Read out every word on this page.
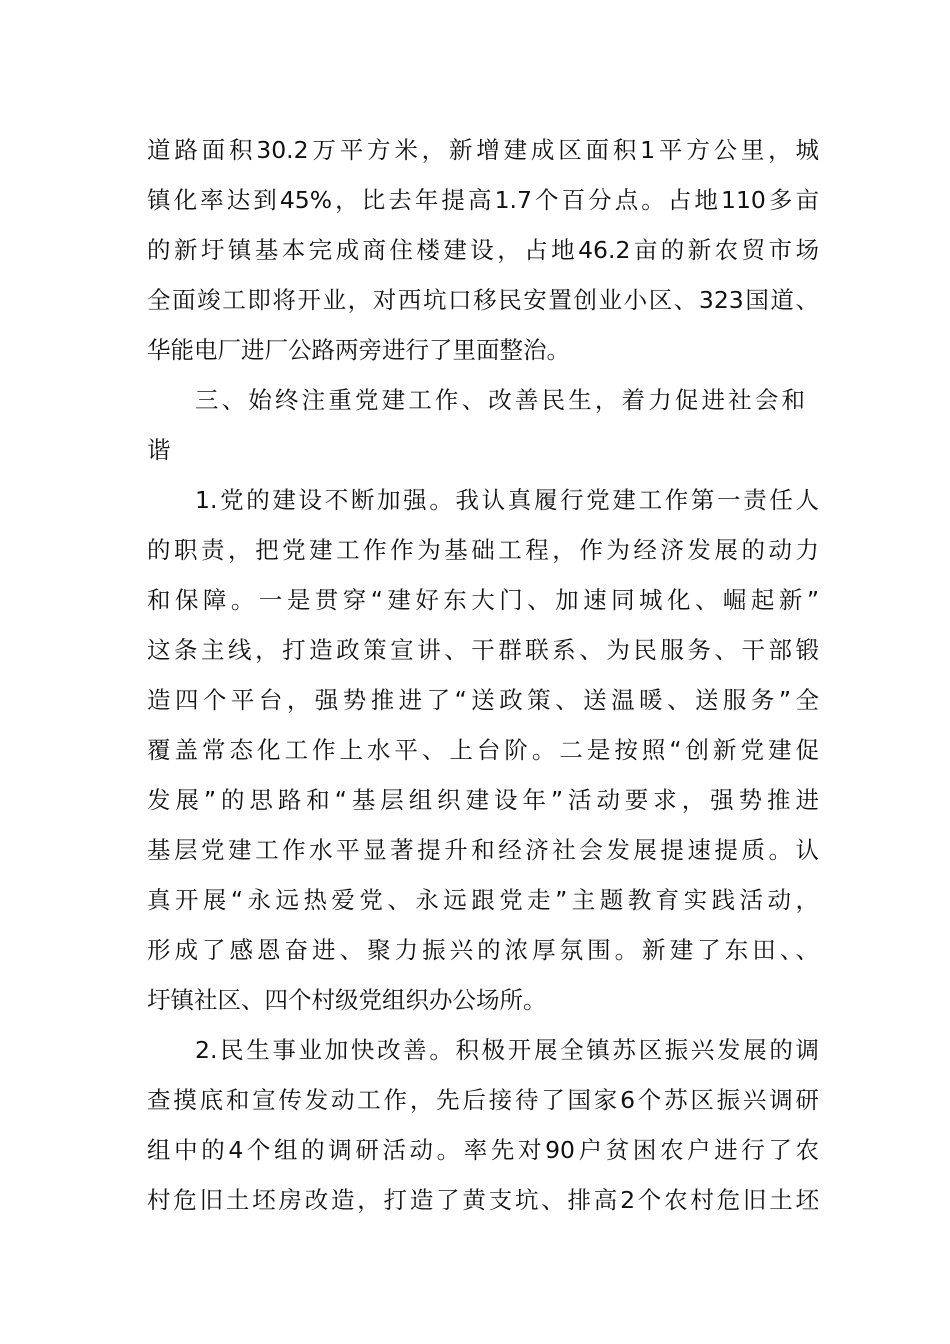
道路面积30.2万平方米，新增建成区面积1平方公里，城
镇化率达到45%，比去年提高1.7个百分点。占地110多亩
的新圩镇基本完成商住楼建设，占地46.2亩的新农贸市场
全面竣工即将开业，对西坑口移民安置创业小区、323国道、
华能电厂进厂公路两旁进行了里面整治。
三、始终注重党建工作、改善民生，着力促进社会和
谐
1.党的建设不断加强。我认真履行党建工作第一责任人
的职责，把党建工作作为基础工程，作为经济发展的动力
和保障。一是贯穿“建好东大门、加速同城化、崛起新”
这条主线，打造政策宣讲、干群联系、为民服务、干部锻
造四个平台，强势推进了“送政策、送温暖、送服务”全
覆盖常态化工作上水平、上台阶。二是按照“创新党建促
发展”的思路和“基层组织建设年”活动要求，强势推进
基层党建工作水平显著提升和经济社会发展提速提质。认
真开展“永远热爱党、永远跟党走”主题教育实践活动，
形成了感恩奋进、聚力振兴的浓厚氛围。新建了东田、、
圩镇社区、四个村级党组织办公场所。
2.民生事业加快改善。积极开展全镇苏区振兴发展的调
查摸底和宣传发动工作，先后接待了国家6个苏区振兴调研
组中的4个组的调研活动。率先对90户贫困农户进行了农
村危旧土坯房改造，打造了黄支坑、排高2个农村危旧土坯
